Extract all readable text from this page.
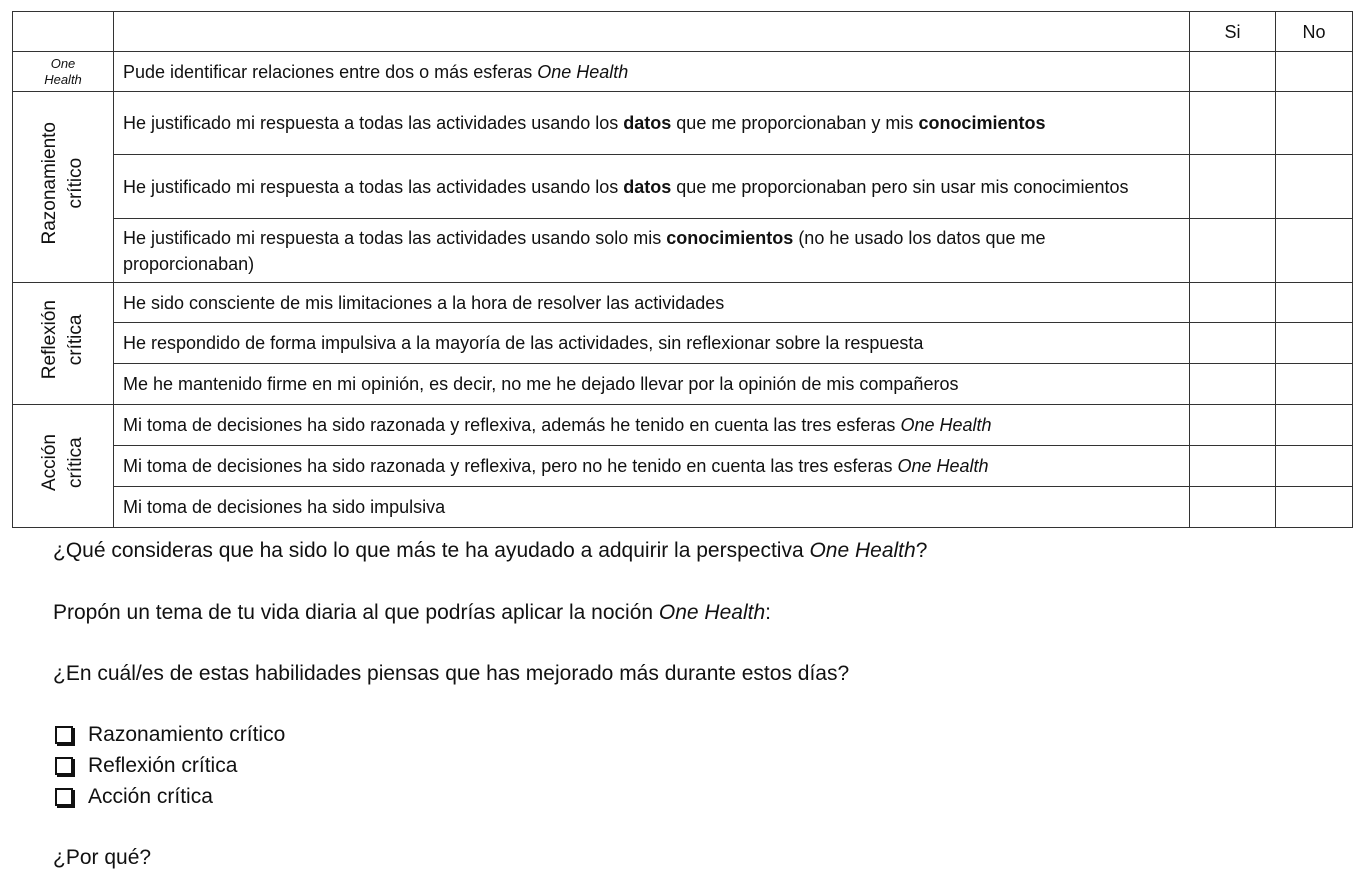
		Si	No

One
Health	Pude identificar relaciones entre dos o más esferas One Health		
Razonamiento
crítico	He justificado mi respuesta a todas las actividades usando los datos que me proporcionaban y mis conocimientos		
	He justificado mi respuesta a todas las actividades usando los datos que me proporcionaban pero sin usar mis conocimientos		
	He justificado mi respuesta a todas las actividades usando solo mis conocimientos (no he usado los datos que me proporcionaban)		
Reflexión
crítica	He sido consciente de mis limitaciones a la hora de resolver las actividades		
	He respondido de forma impulsiva a la mayoría de las actividades, sin reflexionar sobre la respuesta		
	Me he mantenido firme en mi opinión, es decir, no me he dejado llevar por la opinión de mis compañeros		
Acción
crítica	Mi toma de decisiones ha sido razonada y reflexiva, además he tenido en cuenta las tres esferas One Health		
	Mi toma de decisiones ha sido razonada y reflexiva, pero no he tenido en cuenta las tres esferas One Health		
	Mi toma de decisiones ha sido impulsiva		

¿Qué consideras que ha sido lo que más te ha ayudado a adquirir la perspectiva One Health?

Propón un tema de tu vida diaria al que podrías aplicar la noción One Health:

¿En cuál/es de estas habilidades piensas que has mejorado más durante estos días?

Razonamiento crítico
Reflexión crítica
Acción crítica

¿Por qué?
